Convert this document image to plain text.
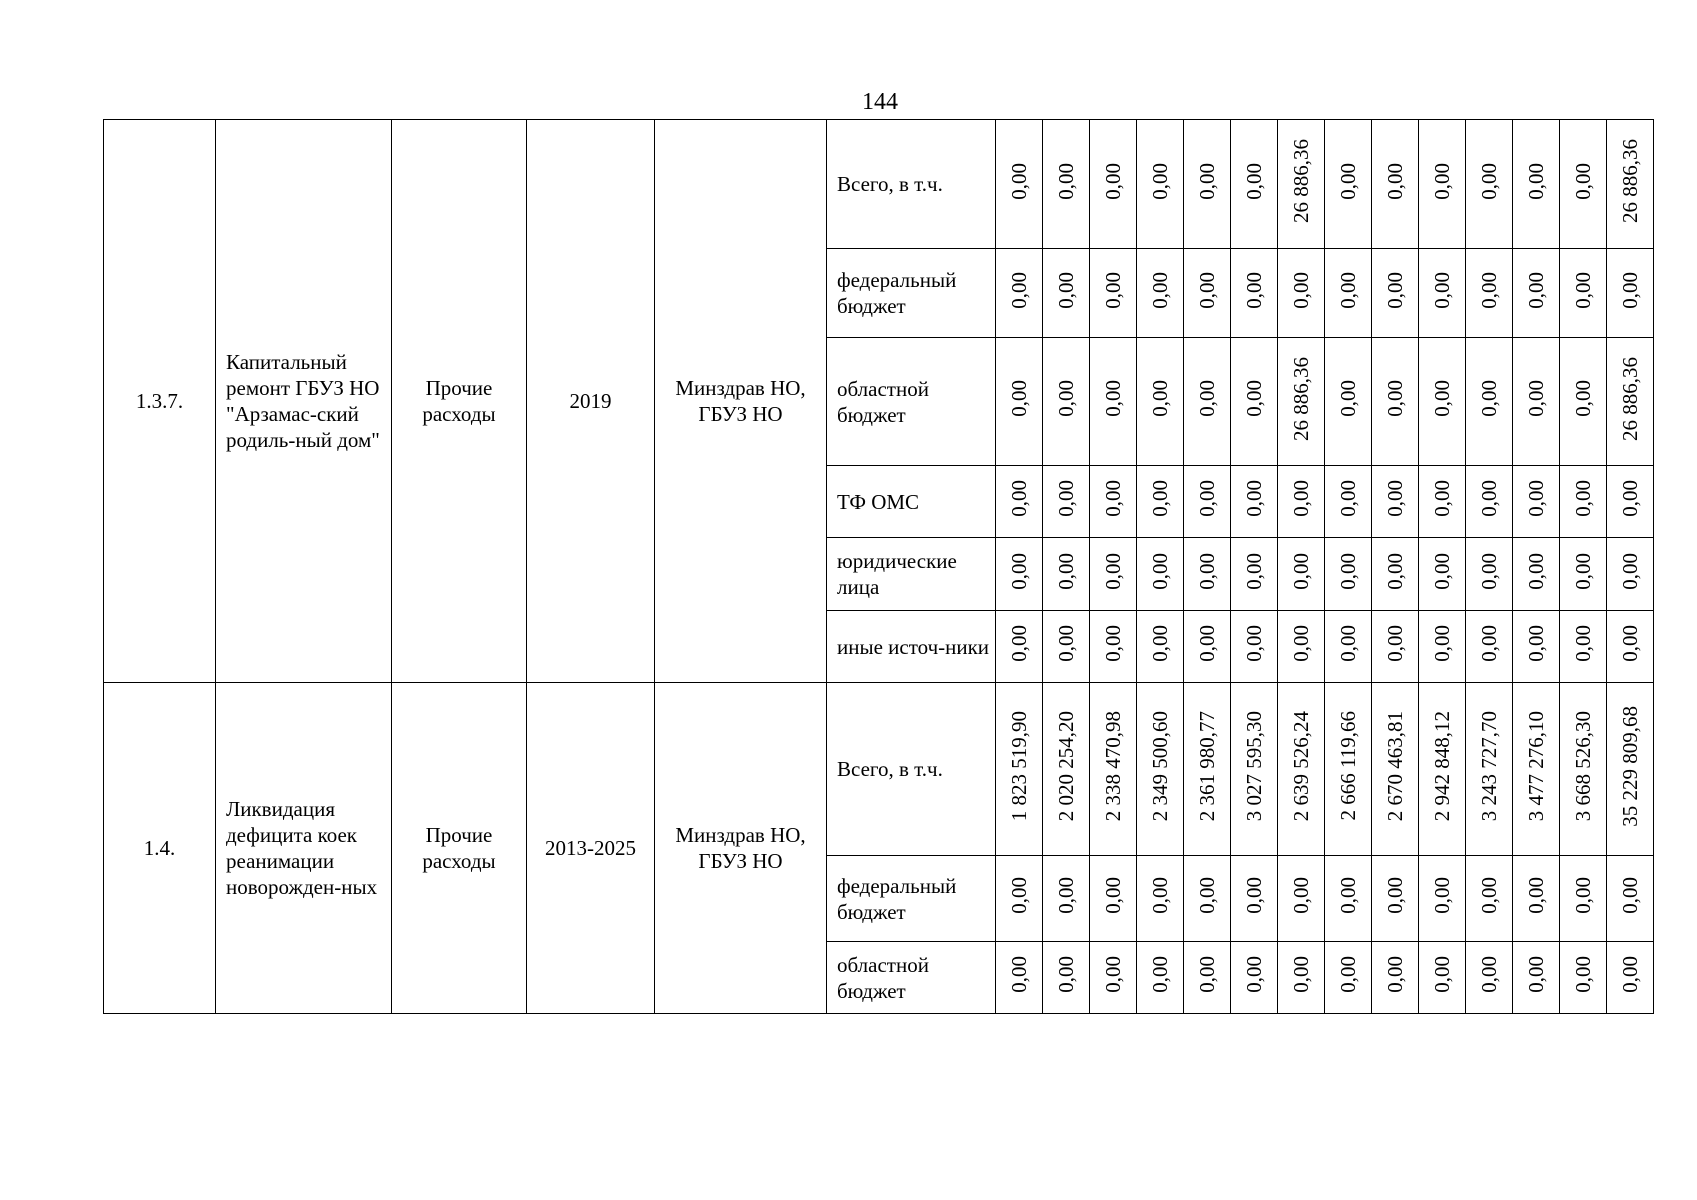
144
1.3.7.	Капитальный ремонт ГБУЗ НО "Арзамас-ский родиль-ный дом"	Прочие расходы	2019	Минздрав НО, ГБУЗ НО	Всего, в т.ч.	0,00	0,00	0,00	0,00	0,00	0,00	26 886,36	0,00	0,00	0,00	0,00	0,00	0,00	26 886,36
					федеральный бюджет	0,00	0,00	0,00	0,00	0,00	0,00	0,00	0,00	0,00	0,00	0,00	0,00	0,00	0,00
					областной бюджет	0,00	0,00	0,00	0,00	0,00	0,00	26 886,36	0,00	0,00	0,00	0,00	0,00	0,00	26 886,36
					ТФ ОМС	0,00	0,00	0,00	0,00	0,00	0,00	0,00	0,00	0,00	0,00	0,00	0,00	0,00	0,00
					юридические лица	0,00	0,00	0,00	0,00	0,00	0,00	0,00	0,00	0,00	0,00	0,00	0,00	0,00	0,00
					иные источ-ники	0,00	0,00	0,00	0,00	0,00	0,00	0,00	0,00	0,00	0,00	0,00	0,00	0,00	0,00
1.4.	Ликвидация дефицита коек реанимации новорожден-ных	Прочие расходы	2013-2025	Минздрав НО, ГБУЗ НО	Всего, в т.ч.	1 823 519,90	2 020 254,20	2 338 470,98	2 349 500,60	2 361 980,77	3 027 595,30	2 639 526,24	2 666 119,66	2 670 463,81	2 942 848,12	3 243 727,70	3 477 276,10	3 668 526,30	35 229 809,68
					федеральный бюджет	0,00	0,00	0,00	0,00	0,00	0,00	0,00	0,00	0,00	0,00	0,00	0,00	0,00	0,00
					областной бюджет	0,00	0,00	0,00	0,00	0,00	0,00	0,00	0,00	0,00	0,00	0,00	0,00	0,00	0,00
